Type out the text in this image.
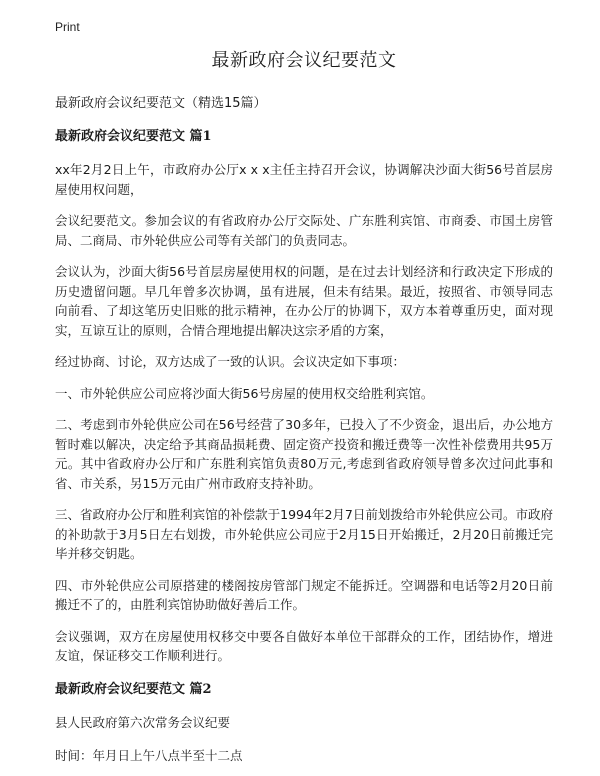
Print
最新政府会议纪要范文

最新政府会议纪要范文（精选15篇）

最新政府会议纪要范文 篇1

xx年2月2日上午，市政府办公厅x x x主任主持召开会议，协调解决沙面大街56号首层房屋使用权问题，

会议纪要范文。参加会议的有省政府办公厅交际处、广东胜利宾馆、市商委、市国土房管局、二商局、市外轮供应公司等有关部门的负责同志。

会议认为，沙面大街56号首层房屋使用权的问题，是在过去计划经济和行政决定下形成的历史遗留问题。早几年曾多次协调，虽有进展，但未有结果。最近，按照省、市领导同志向前看、了却这笔历史旧账的批示精神，在办公厅的协调下，双方本着尊重历史，面对现实，互谅互让的原则，合情合理地提出解决这宗矛盾的方案，

经过协商、讨论，双方达成了一致的认识。会议决定如下事项：

一、市外轮供应公司应将沙面大街56号房屋的使用权交给胜利宾馆。

二、考虑到市外轮供应公司在56号经营了30多年，已投入了不少资金，退出后，办公地方暂时难以解决，决定给予其商品损耗费、固定资产投资和搬迁费等一次性补偿费用共95万元。其中省政府办公厅和广东胜利宾馆负责80万元,考虑到省政府领导曾多次过问此事和省、市关系，另15万元由广州市政府支持补助。

三、省政府办公厅和胜利宾馆的补偿款于1994年2月7日前划拨给市外轮供应公司。市政府的补助款于3月5日左右划拨，市外轮供应公司应于2月15日开始搬迁，2月20日前搬迁完毕并移交钥匙。

四、市外轮供应公司原搭建的楼阁按房管部门规定不能拆迁。空调器和电话等2月20日前搬迁不了的，由胜利宾馆协助做好善后工作。

会议强调，双方在房屋使用权移交中要各自做好本单位干部群众的工作，团结协作，增进友谊，保证移交工作顺利进行。

最新政府会议纪要范文 篇2

县人民政府第六次常务会议纪要

时间：年月日上午八点半至十二点
